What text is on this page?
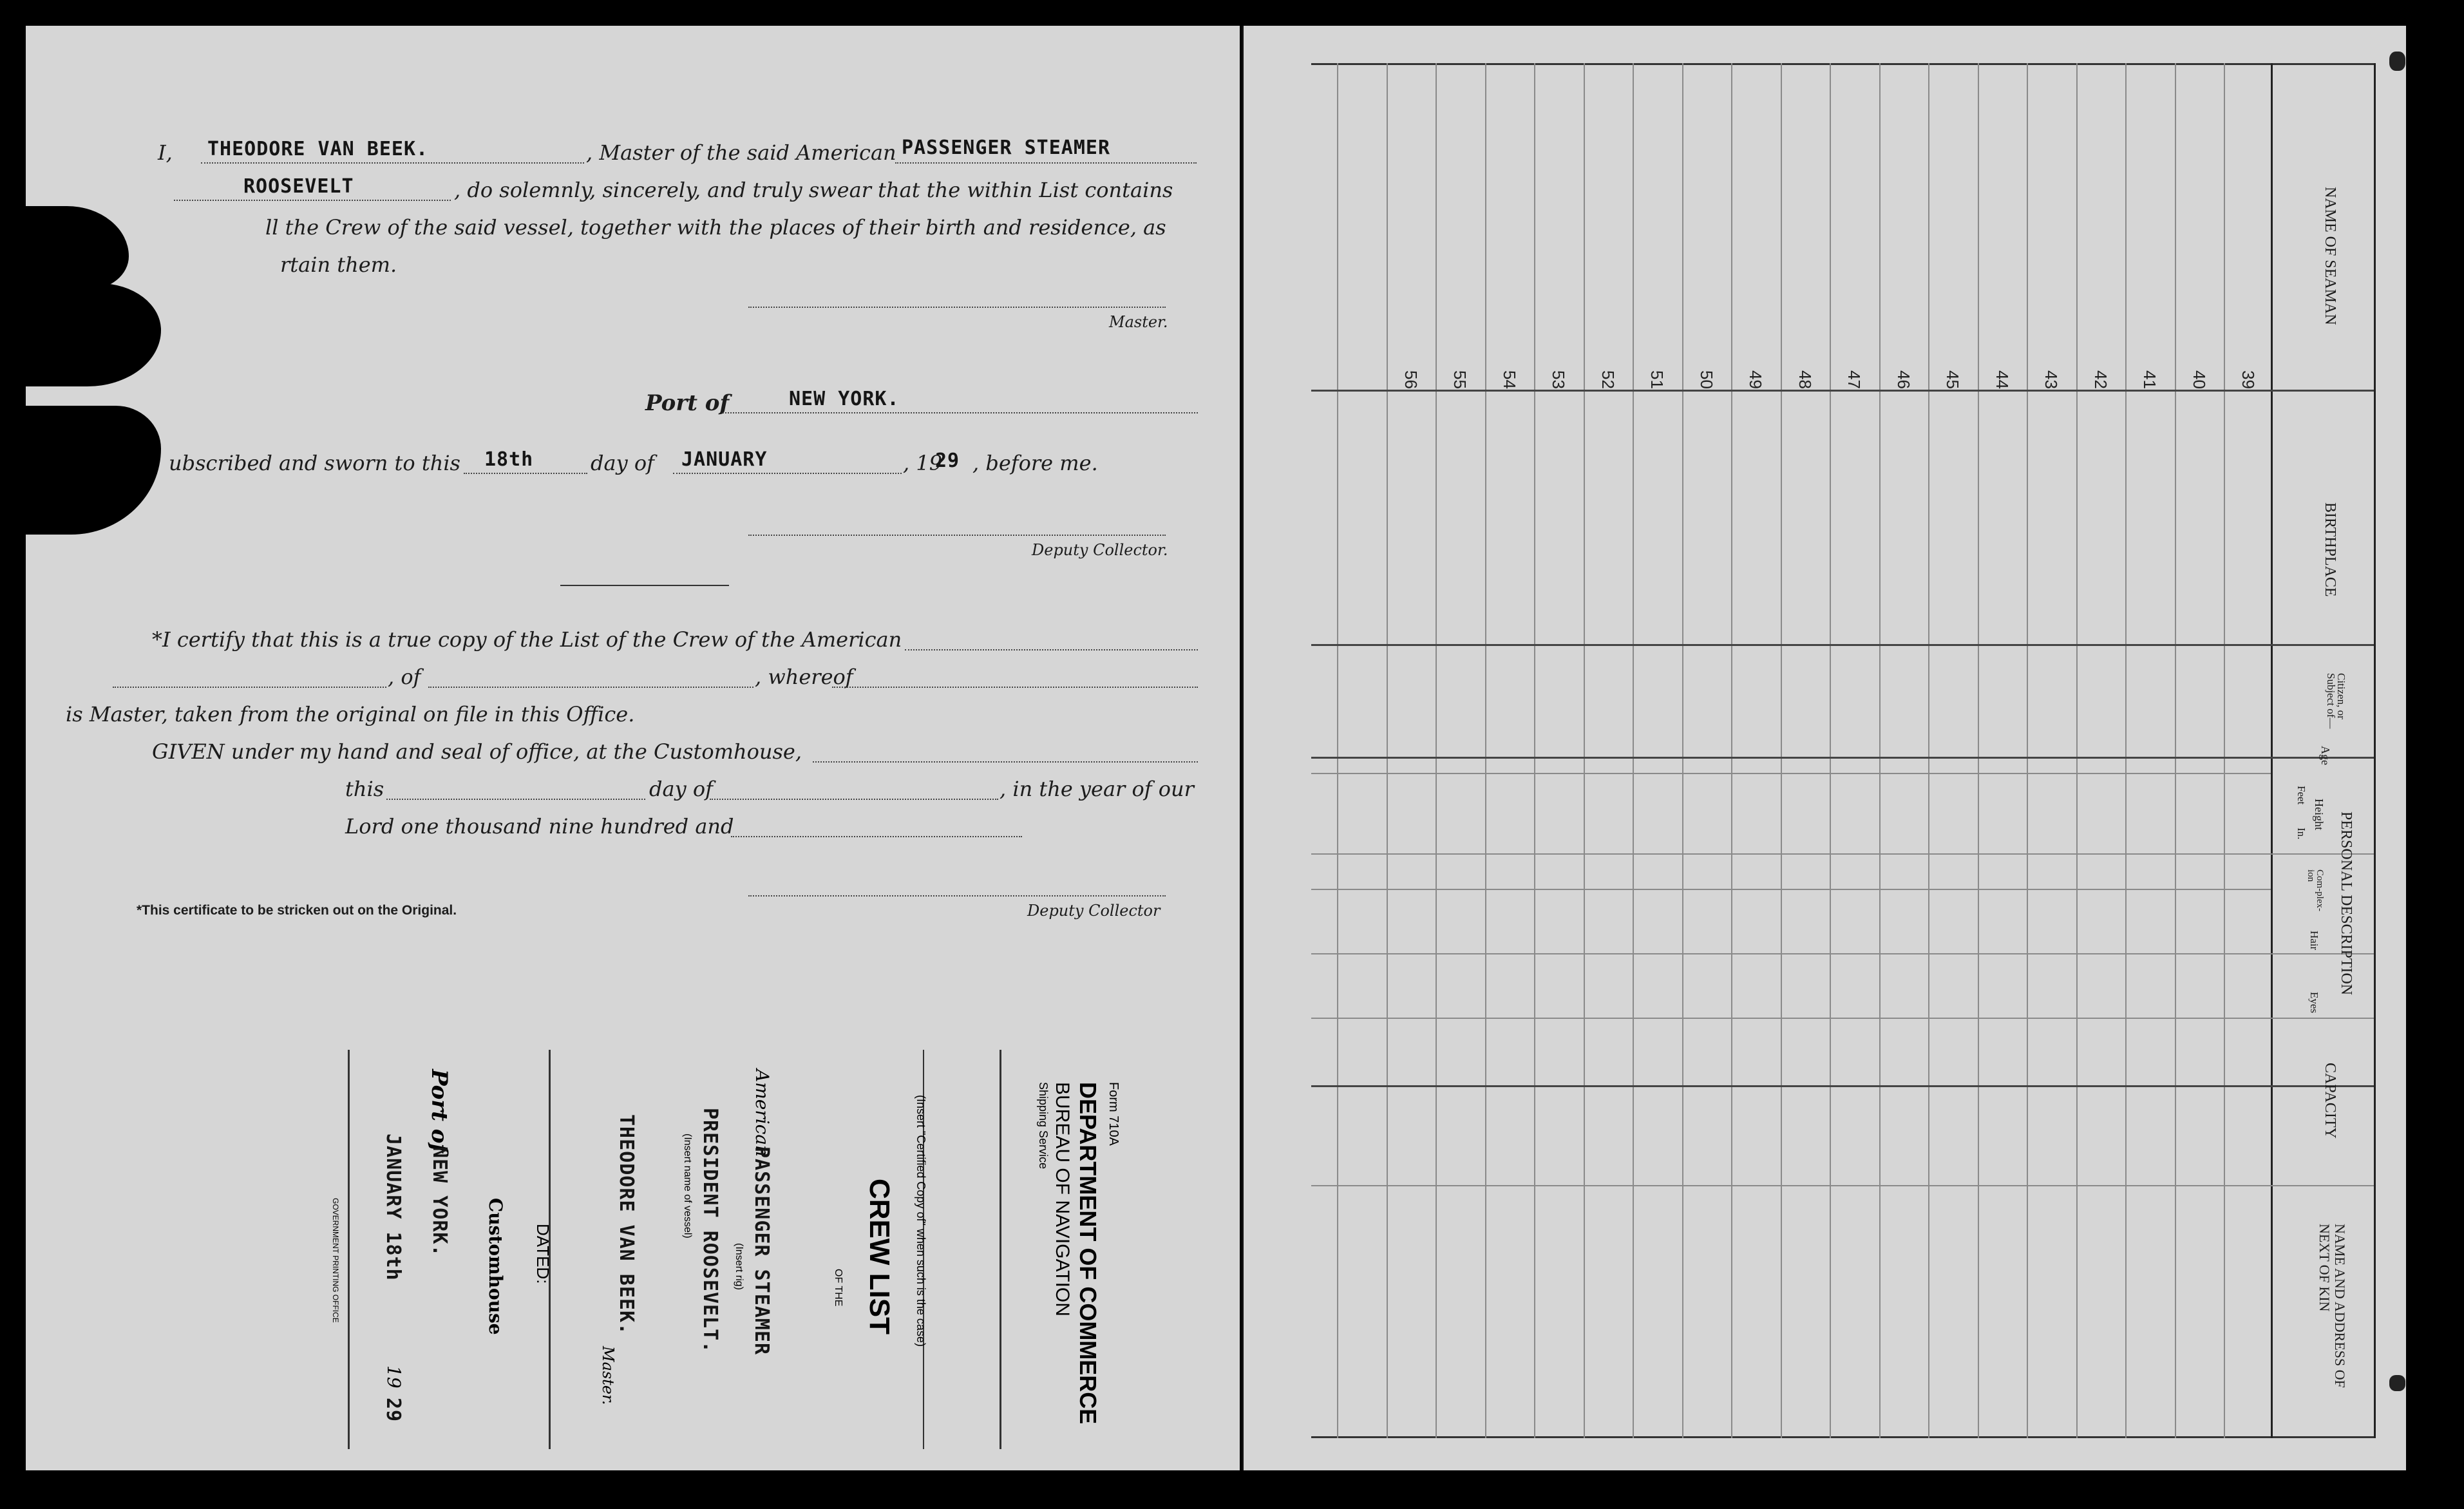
I, THEODORE VAN BEEK.	, Master of the said American PASSENGER STEAMER
ROOSEVELT	, do solemnly, sincerely, and truly swear that the within List contains
ll the Crew of the said vessel, together with the places of their birth and residence, as
rtain them.
Master.
Port of	NEW YORK.
ubscribed and sworn to this 18th	day of JANUARY	, 19
29 , before me.
Deputy Collector.
*I certify that this is a true copy of the List of the Crew of the American
, of	, whereof
is Master, taken from the original on file in this Office.
GIVEN under my hand and seal of office, at the Customhouse,
this	day of	, in the year of our
Lord one thousand nine hundred and
Deputy Collector
*This certificate to be stricken out on the Original.
Form 710A
DEPARTMENT OF COMMERCE
BUREAU OF NAVIGATION
Shipping Service
(Insert "Certified Copy of" when such is the case)
CREW LIST
OF THE
American
PASSENGER STEAMER
(Insert rig)
PRESIDENT ROOSEVELT.
(Insert name of vessel)
THEODORE VAN BEEK.
Master.
DATED:
Customhouse
Port of
NEW YORK.
JANUARY 18th
19
29
GOVERNMENT PRINTING OFFICE
39
40
41
42
43
44
45
46
47
48
49
50
51
52
53
54
55
56
NAME OF SEAMAN
BIRTHPLACE
Citizen, or Subject of—
Age
PERSONAL DESCRIPTION
Height
Feet
In.
Com-plex-ion
Hair
Eyes
CAPACITY
NAME AND ADDRESS OF NEXT OF KIN
